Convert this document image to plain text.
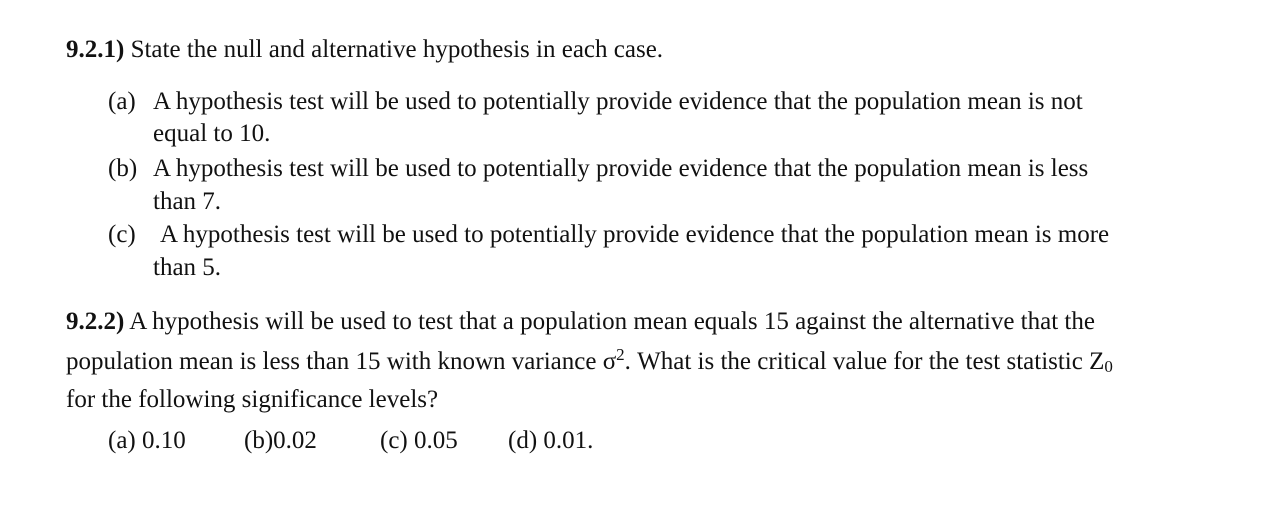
9.2.1) State the null and alternative hypothesis in each case.
(a) A hypothesis test will be used to potentially provide evidence that the population mean is not
equal to 10.
(b) A hypothesis test will be used to potentially provide evidence that the population mean is less
than 7.
(c) A hypothesis test will be used to potentially provide evidence that the population mean is more
than 5.
9.2.2) A hypothesis will be used to test that a population mean equals 15 against the alternative that the
population mean is less than 15 with known variance $\sigma^2$. What is the critical value for the test statistic Z0
for the following significance levels?
(a) 0.10 (b)0.02	(c) 0.05 (d) 0.01.
